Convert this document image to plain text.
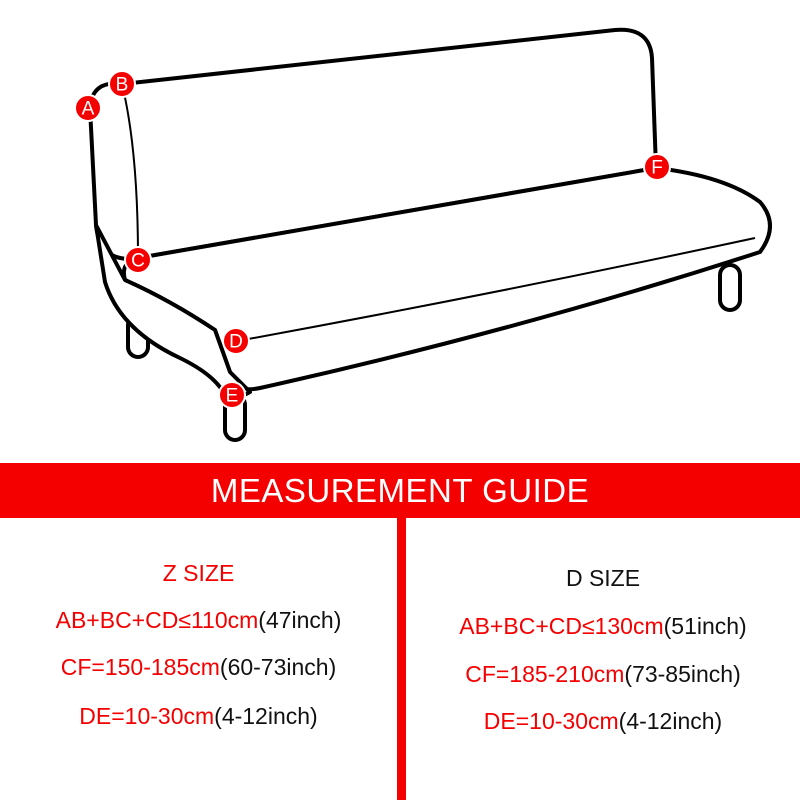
A
B
C
D
E
F
MEASUREMENT GUIDE
Z SIZE
AB+BC+CD≤110cm(47inch)
CF=150-185cm(60-73inch)
DE=10-30cm(4-12inch)
D SIZE
AB+BC+CD≤130cm(51inch)
CF=185-210cm(73-85inch)
DE=10-30cm(4-12inch)
